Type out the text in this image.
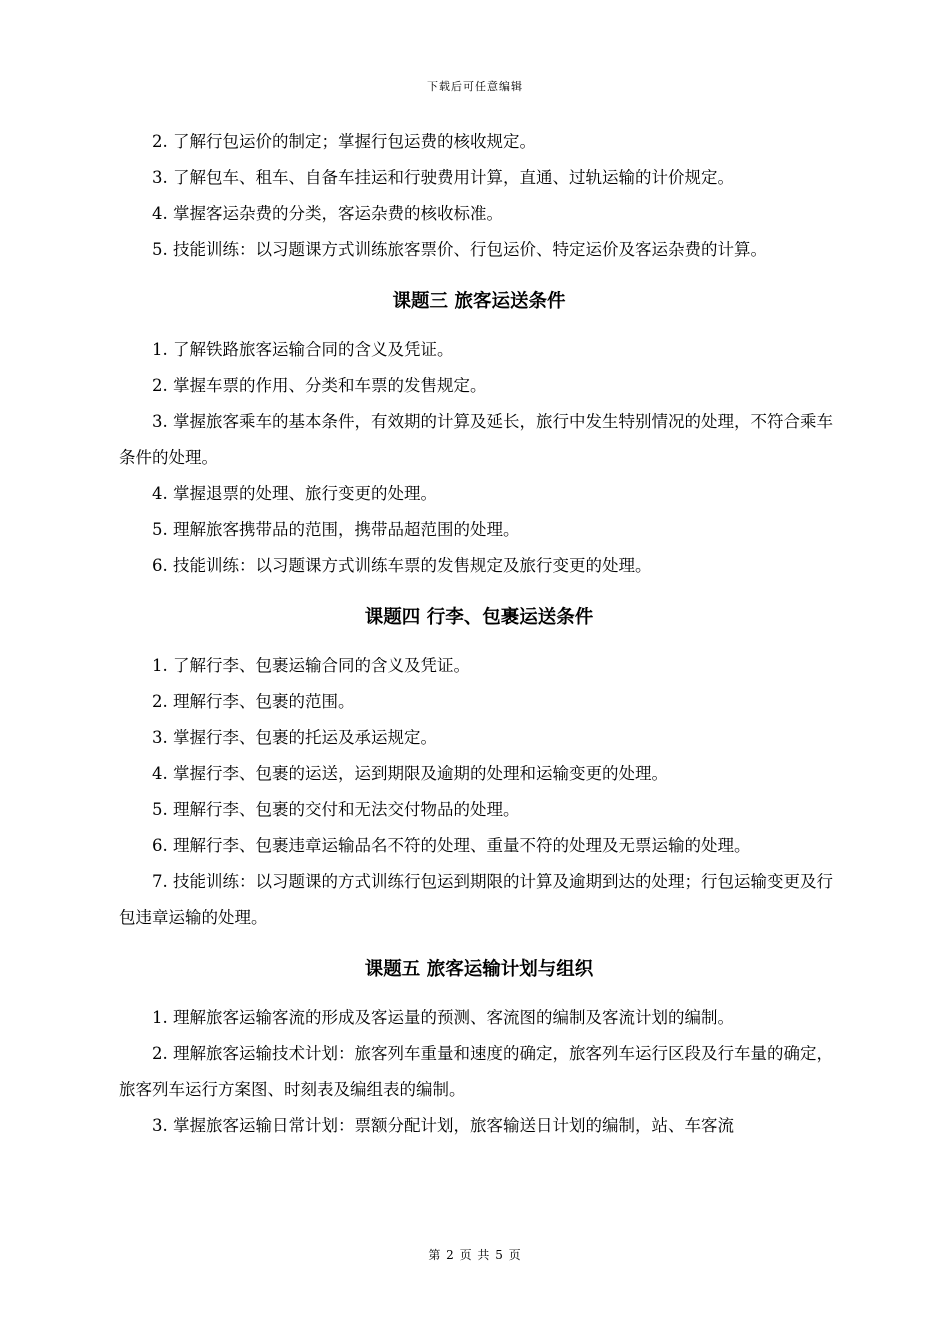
下载后可任意编辑

2. 了解行包运价的制定；掌握行包运费的核收规定。

3. 了解包车、租车、自备车挂运和行驶费用计算，直通、过轨运输的计价规定。

4. 掌握客运杂费的分类，客运杂费的核收标准。

5. 技能训练：以习题课方式训练旅客票价、行包运价、特定运价及客运杂费的计算。

课题三 旅客运送条件

1. 了解铁路旅客运输合同的含义及凭证。

2. 掌握车票的作用、分类和车票的发售规定。

3. 掌握旅客乘车的基本条件，有效期的计算及延长，旅行中发生特别情况的处理，不符合乘车条件的处理。

4. 掌握退票的处理、旅行变更的处理。

5. 理解旅客携带品的范围，携带品超范围的处理。

6. 技能训练：以习题课方式训练车票的发售规定及旅行变更的处理。

课题四 行李、包裹运送条件

1. 了解行李、包裹运输合同的含义及凭证。

2. 理解行李、包裹的范围。

3. 掌握行李、包裹的托运及承运规定。

4. 掌握行李、包裹的运送，运到期限及逾期的处理和运输变更的处理。

5. 理解行李、包裹的交付和无法交付物品的处理。

6. 理解行李、包裹违章运输品名不符的处理、重量不符的处理及无票运输的处理。

7. 技能训练：以习题课的方式训练行包运到期限的计算及逾期到达的处理；行包运输变更及行包违章运输的处理。

课题五 旅客运输计划与组织

1. 理解旅客运输客流的形成及客运量的预测、客流图的编制及客流计划的编制。

2. 理解旅客运输技术计划：旅客列车重量和速度的确定，旅客列车运行区段及行车量的确定，旅客列车运行方案图、时刻表及编组表的编制。

3. 掌握旅客运输日常计划：票额分配计划，旅客输送日计划的编制，站、车客流

第 2 页 共 5 页
